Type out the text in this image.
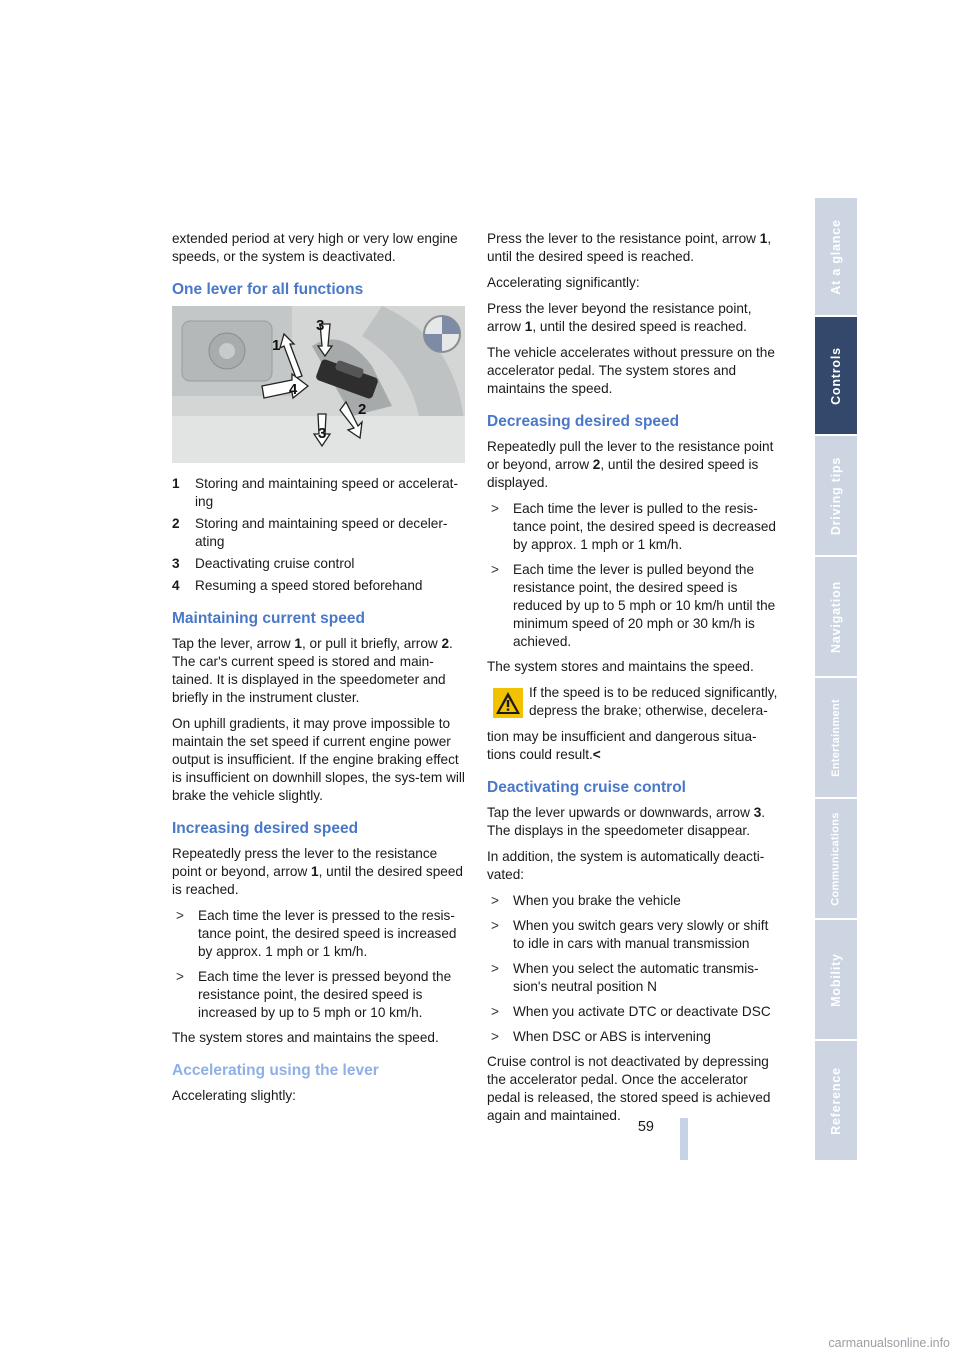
extended period at very high or very low engine speeds, or the system is deactivated.

One lever for all functions
1
2
3
4
3
1	Storing and maintaining speed or accelerat-ing
2	Storing and maintaining speed or deceler-ating
3	Deactivating cruise control
4	Resuming a speed stored beforehand
Maintaining current speed

Tap the lever, arrow 1, or pull it briefly, arrow 2. The car's current speed is stored and main-tained. It is displayed in the speedometer and briefly in the instrument cluster.

On uphill gradients, it may prove impossible to maintain the set speed if current engine power output is insufficient. If the engine braking effect is insufficient on downhill slopes, the sys-tem will brake the vehicle slightly.

Increasing desired speed

Repeatedly press the lever to the resistance point or beyond, arrow 1, until the desired speed is reached.

>	Each time the lever is pressed to the resis-tance point, the desired speed is increased by approx. 1 mph or 1 km/h.
>	Each time the lever is pressed beyond the resistance point, the desired speed is increased by up to 5 mph or 10 km/h.

The system stores and maintains the speed.

Accelerating using the lever

Accelerating slightly:

Press the lever to the resistance point, arrow 1, until the desired speed is reached.

Accelerating significantly:

Press the lever beyond the resistance point, arrow 1, until the desired speed is reached.

The vehicle accelerates without pressure on the accelerator pedal. The system stores and maintains the speed.

Decreasing desired speed

Repeatedly pull the lever to the resistance point or beyond, arrow 2, until the desired speed is displayed.

>	Each time the lever is pulled to the resis-tance point, the desired speed is decreased by approx. 1 mph or 1 km/h.
>	Each time the lever is pulled beyond the resistance point, the desired speed is reduced by up to 5 mph or 10 km/h until the minimum speed of 20 mph or 30 km/h is achieved.

The system stores and maintains the speed.

If the speed is to be reduced significantly, depress the brake; otherwise, decelera-

tion may be insufficient and dangerous situa-tions could result.<

Deactivating cruise control

Tap the lever upwards or downwards, arrow 3. The displays in the speedometer disappear.

In addition, the system is automatically deacti-vated:

>	When you brake the vehicle
>	When you switch gears very slowly or shift to idle in cars with manual transmission
>	When you select the automatic transmis-sion's neutral position N
>	When you activate DTC or deactivate DSC
>	When DSC or ABS is intervening

Cruise control is not deactivated by depressing the accelerator pedal. Once the accelerator pedal is released, the stored speed is achieved again and maintained.

At a glance
Controls
Driving tips
Navigation
Entertainment
Communications
Mobility
Reference
59
carmanualsonline.info
